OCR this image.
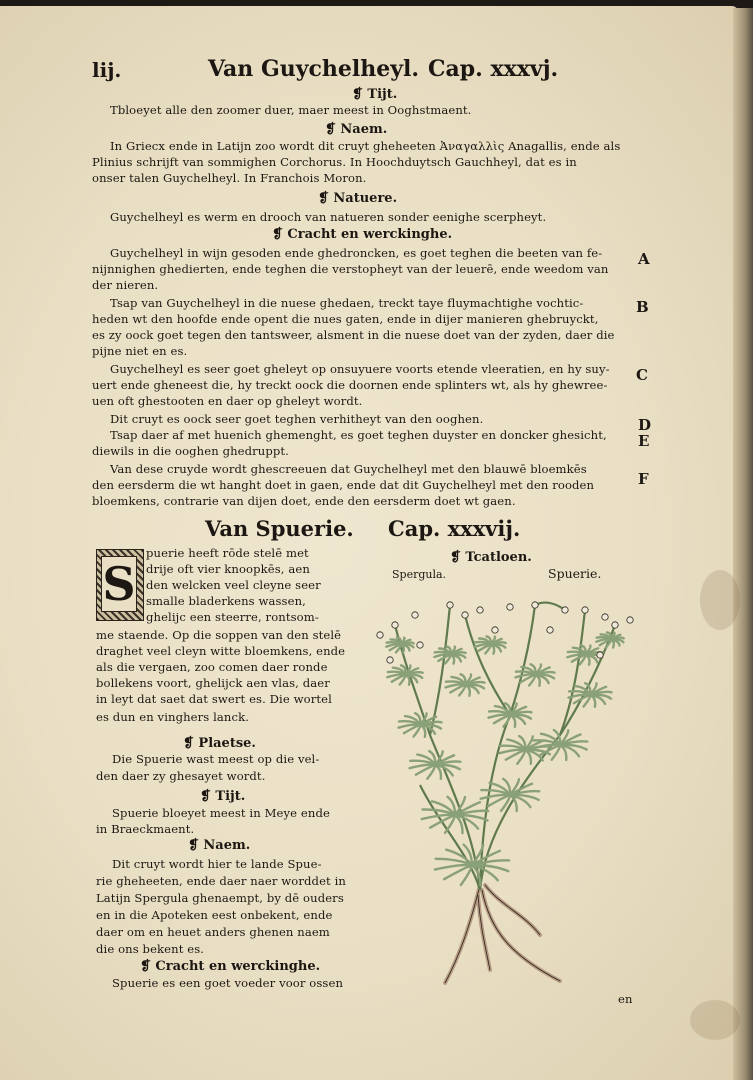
lij.	Van Guychelheyl. Cap. xxxvj.
❡ Tijt.
Tbloeyet alle den zoomer duer, maer meest in Ooghstmaent.
❡ Naem.
In Griecx ende in Latijn zoo wordt dit cruyt gheheeten Ἀναγαλλὶς Anagallis, ende als
Plinius schrijft van sommighen Corchorus. In Hoochduytsch Gauchheyl, dat es in
onser talen Guychelheyl. In Franchois Moron.
❡ Natuere.
Guychelheyl es werm en drooch van natueren sonder eenighe scerpheyt.
❡ Cracht en werckinghe.
Guychelheyl in wijn gesoden ende ghedroncken, es goet teghen die beeten van fe-
nijnnighen ghedierten, ende teghen die verstopheyt van der leuerē, ende weedom van
der nieren.
Tsap van Guychelheyl in die nuese ghedaen, treckt taye fluymachtighe vochtic-
heden wt den hoofde ende opent die nues gaten, ende in dijer manieren ghebruyckt,
es zy oock goet tegen den tantsweer, alsment in die nuese doet van der zyden, daer die
pijne niet en es.
Guychelheyl es seer goet gheleyt op onsuyuere voorts etende vleeratien, en hy suy-
uert ende gheneest die, hy treckt oock die doornen ende splinters wt, als hy ghewree-
uen oft ghestooten en daer op gheleyt wordt.
Dit cruyt es oock seer goet teghen verhitheyt van den ooghen.
Tsap daer af met huenich ghemenght, es goet teghen duyster en doncker ghesicht,
diewils in die ooghen ghedruppt.
Van dese cruyde wordt ghescreeuen dat Guychelheyl met den blauwē bloemkēs
den eersderm die wt hanght doet in gaen, ende dat dit Guychelheyl met den rooden
bloemkens, contrarie van dijen doet, ende den eersderm doet wt gaen.
A
B
C
D
E
F
Van Spuerie. Cap. xxxvij.
S
puerie heeft rōde stelē met
drije oft vier knoopkēs, aen
den welcken veel cleyne seer
smalle bladerkens wassen,
ghelijc een steerre, rontsom-
me staende. Op die soppen van den stelē
draghet veel cleyn witte bloemkens, ende
als die vergaen, zoo comen daer ronde
bollekens voort, ghelijck aen vlas, daer
in leyt dat saet dat swert es. Die wortel
es dun en vinghers lanck.
❡ Plaetse.
Die Spuerie wast meest op die vel-
den daer zy ghesayet wordt.
❡ Tijt.
Spuerie bloeyet meest in Meye ende
in Braeckmaent.
❡ Naem.
Dit cruyt wordt hier te lande Spue-
rie gheheeten, ende daer naer worddet in
Latijn Spergula ghenaempt, by dē ouders
en in die Apoteken eest onbekent, ende
daer om en heuet anders ghenen naem
die ons bekent es.
❡ Cracht en werckinghe.
Spuerie es een goet voeder voor ossen
en
❡ Tcatloen.
Spergula.	Spuerie.
